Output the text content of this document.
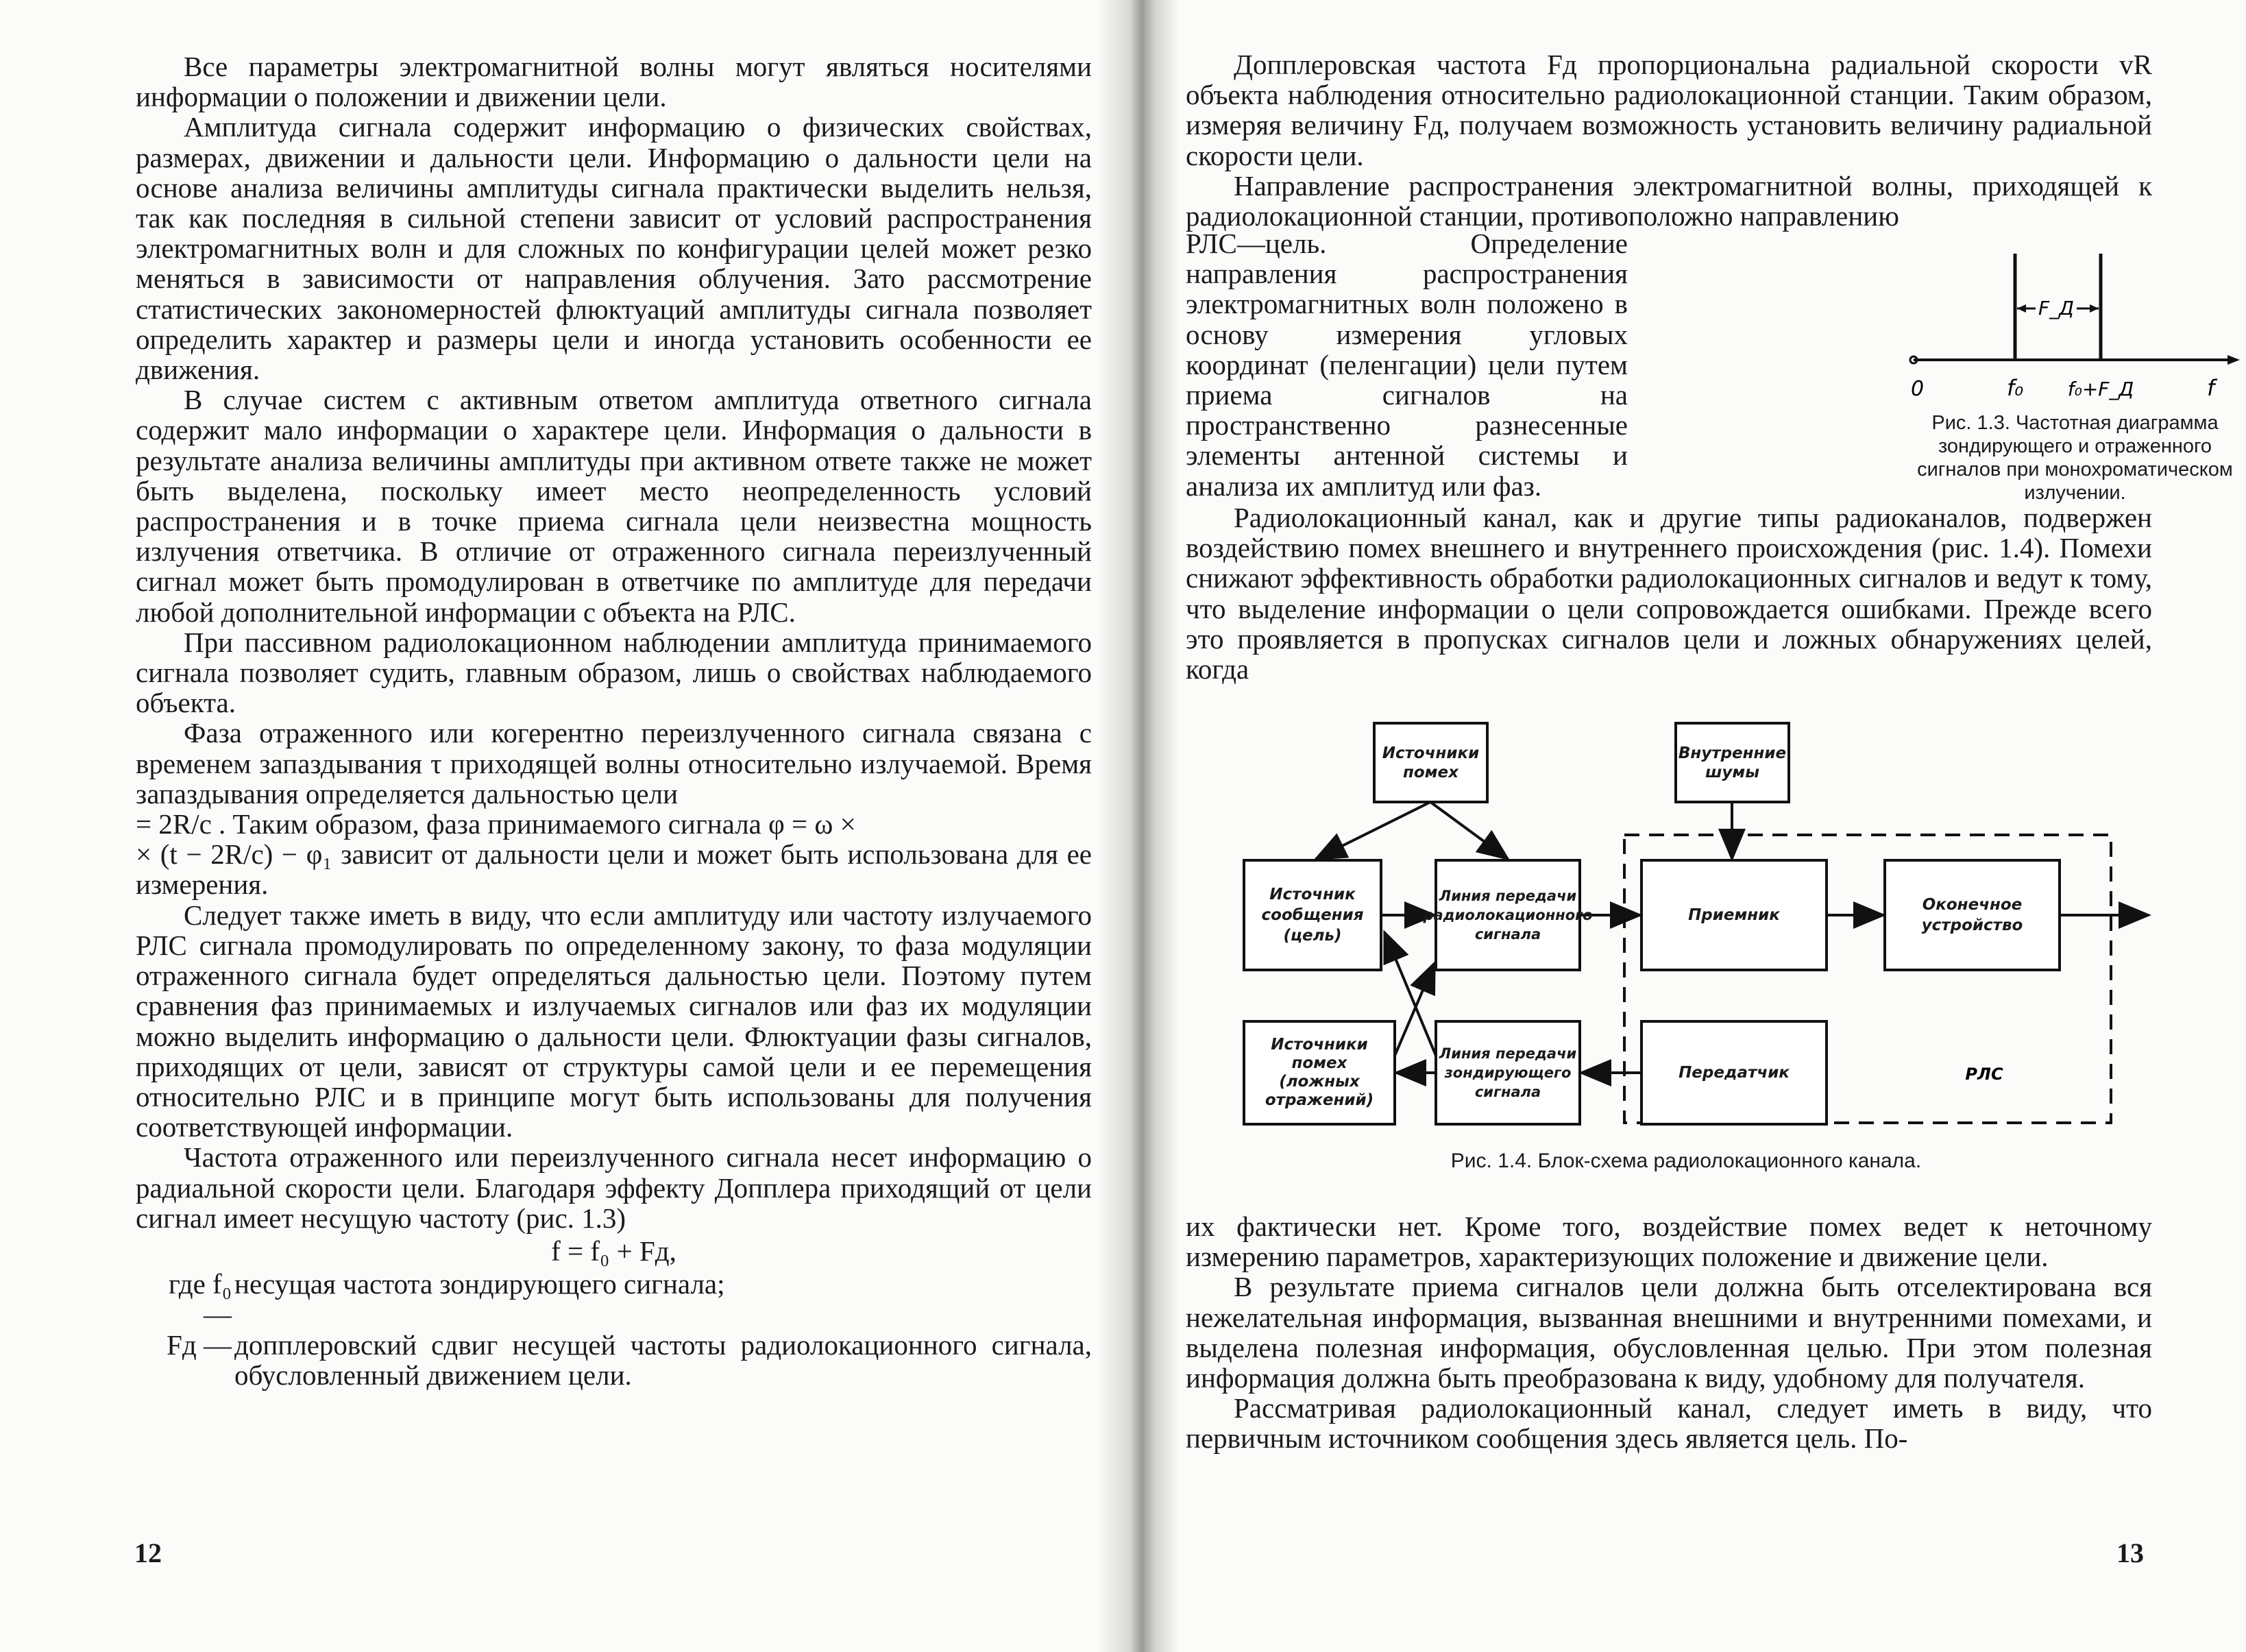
Все параметры электромагнитной волны могут являться носителями информации о положении и движении цели.

Амплитуда сигнала содержит информацию о физических свойствах, размерах, движении и дальности цели. Информацию о дальности цели на основе анализа величины амплитуды сигнала практически выделить нельзя, так как последняя в сильной степени зависит от условий распространения электромагнитных волн и для сложных по конфигурации целей может резко меняться в зависимости от направления облучения. Зато рассмотрение статистических закономерностей флюктуаций амплитуды сигнала позволяет определить характер и размеры цели и иногда установить особенности ее движения.

В случае систем с активным ответом амплитуда ответного сигнала содержит мало информации о характере цели. Информация о дальности в результате анализа величины амплитуды при активном ответе также не может быть выделена, поскольку имеет место неопределенность условий распространения и в точке приема сигнала цели неизвестна мощность излучения ответчика. В отличие от отраженного сигнала переизлученный сигнал может быть промодулирован в ответчике по амплитуде для передачи любой дополнительной информации с объекта на РЛС.

При пассивном радиолокационном наблюдении амплитуда принимаемого сигнала позволяет судить, главным образом, лишь о свойствах наблюдаемого объекта.

Фаза отраженного или когерентно переизлученного сигнала связана с временем запаздывания τ приходящей волны относительно излучаемой. Время запаздывания определяется дальностью цели

= 2R/c . Таким образом, фаза принимаемого сигнала φ = ω ×

× (t − 2R/c) − φ₁ зависит от дальности цели и может быть использована для ее измерения.

Следует также иметь в виду, что если амплитуду или частоту излучаемого РЛС сигнала промодулировать по определенному закону, то фаза модуляции отраженного сигнала будет определяться дальностью цели. Поэтому путем сравнения фаз принимаемых и излучаемых сигналов или фаз их модуляции можно выделить информацию о дальности цели. Флюктуации фазы сигналов, приходящих от цели, зависят от структуры самой цели и ее перемещения относительно РЛС и в принципе могут быть использованы для получения соответствующей информации.

Частота отраженного или переизлученного сигнала несет информацию о радиальной скорости цели. Благодаря эффекту Допплера приходящий от цели сигнал имеет несущую частоту (рис. 1.3)

f = f₀ + Fд,
где f₀ —
несущая частота зондирующего сигнала;
Fд — допплеровский сдвиг несущей частоты радиолокационного сигнала, обусловленный движением цели.
12

Допплеровская частота Fд пропорциональна радиальной скорости vR объекта наблюдения относительно радиолокационной станции. Таким образом, измеряя величину Fд, получаем возможность установить величину радиальной скорости цели.

Направление распространения электромагнитной волны, приходящей к радиолокационной станции, противоположно направлению

РЛС—цель. Определение направления распространения электромагнитных волн положено в основу измерения угловых координат (пеленгации) цели путем приема сигналов на пространственно разнесенные элементы антенной системы и анализа их амплитуд или фаз.
F_Д
0	f₀ f₀+F_Д	f
Рис. 1.3. Частотная диаграмма зондирующего и отраженного сигналов при монохроматическом излучении.

Радиолокационный канал, как и другие типы радиоканалов, подвержен воздействию помех внешнего и внутреннего происхождения (рис. 1.4). Помехи снижают эффективность обработки радиолокационных сигналов и ведут к тому, что выделение информации о цели сопровождается ошибками. Прежде всего это проявляется в пропусках сигналов цели и ложных обнаружениях целей, когда

Источники помех
Внутренние шумы
Источник сообщения (цель)
Линия передачи радиолокационного сигнала
Приемник
Оконечное устройство
Источники помех (ложных отражений)
Линия передачи зондирующего сигнала
Передатчик	РЛС
Рис. 1.4. Блок-схема радиолокационного канала.

их фактически нет. Кроме того, воздействие помех ведет к неточному измерению параметров, характеризующих положение и движение цели.

В результате приема сигналов цели должна быть отселектирована вся нежелательная информация, вызванная внешними и внутренними помехами, и выделена полезная информация, обусловленная целью. При этом полезная информация должна быть преобразована к виду, удобному для получателя.

Рассматривая радиолокационный канал, следует иметь в виду, что первичным источником сообщения здесь является цель. По-

13
